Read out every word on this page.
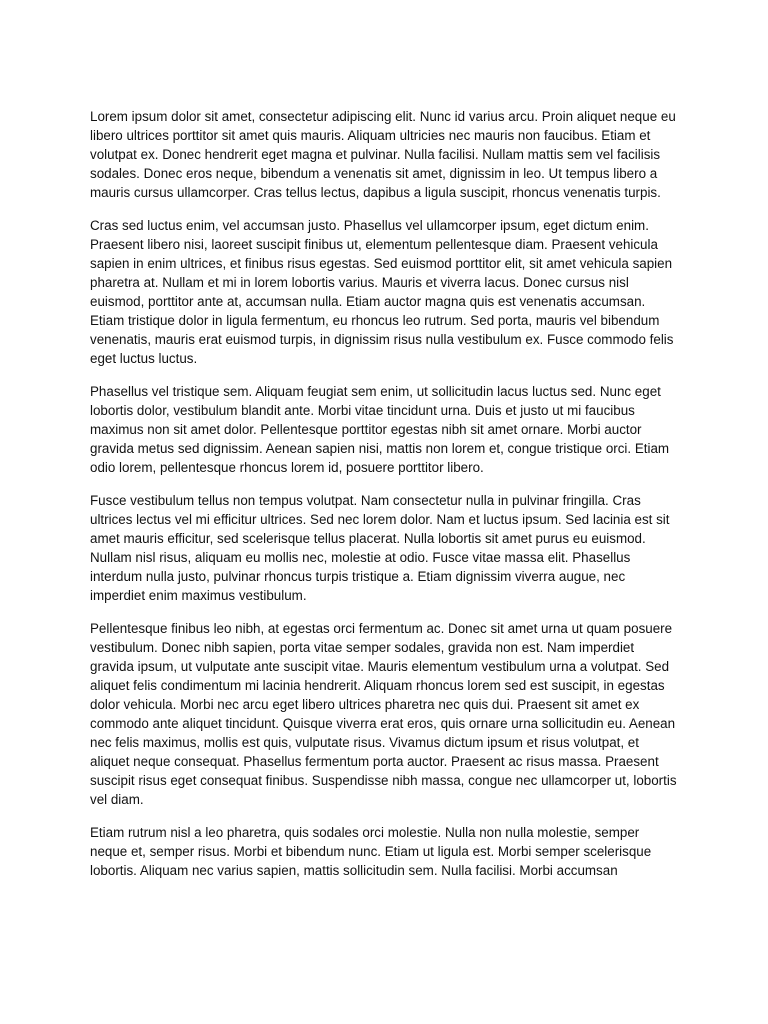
Lorem ipsum dolor sit amet, consectetur adipiscing elit. Nunc id varius arcu. Proin aliquet neque eu libero ultrices porttitor sit amet quis mauris. Aliquam ultricies nec mauris non faucibus. Etiam et volutpat ex. Donec hendrerit eget magna et pulvinar. Nulla facilisi. Nullam mattis sem vel facilisis sodales. Donec eros neque, bibendum a venenatis sit amet, dignissim in leo. Ut tempus libero a mauris cursus ullamcorper. Cras tellus lectus, dapibus a ligula suscipit, rhoncus venenatis turpis.

Cras sed luctus enim, vel accumsan justo. Phasellus vel ullamcorper ipsum, eget dictum enim. Praesent libero nisi, laoreet suscipit finibus ut, elementum pellentesque diam. Praesent vehicula sapien in enim ultrices, et finibus risus egestas. Sed euismod porttitor elit, sit amet vehicula sapien pharetra at. Nullam et mi in lorem lobortis varius. Mauris et viverra lacus. Donec cursus nisl euismod, porttitor ante at, accumsan nulla. Etiam auctor magna quis est venenatis accumsan. Etiam tristique dolor in ligula fermentum, eu rhoncus leo rutrum. Sed porta, mauris vel bibendum venenatis, mauris erat euismod turpis, in dignissim risus nulla vestibulum ex. Fusce commodo felis eget luctus luctus.

Phasellus vel tristique sem. Aliquam feugiat sem enim, ut sollicitudin lacus luctus sed. Nunc eget lobortis dolor, vestibulum blandit ante. Morbi vitae tincidunt urna. Duis et justo ut mi faucibus maximus non sit amet dolor. Pellentesque porttitor egestas nibh sit amet ornare. Morbi auctor gravida metus sed dignissim. Aenean sapien nisi, mattis non lorem et, congue tristique orci. Etiam odio lorem, pellentesque rhoncus lorem id, posuere porttitor libero.

Fusce vestibulum tellus non tempus volutpat. Nam consectetur nulla in pulvinar fringilla. Cras ultrices lectus vel mi efficitur ultrices. Sed nec lorem dolor. Nam et luctus ipsum. Sed lacinia est sit amet mauris efficitur, sed scelerisque tellus placerat. Nulla lobortis sit amet purus eu euismod. Nullam nisl risus, aliquam eu mollis nec, molestie at odio. Fusce vitae massa elit. Phasellus interdum nulla justo, pulvinar rhoncus turpis tristique a. Etiam dignissim viverra augue, nec imperdiet enim maximus vestibulum.

Pellentesque finibus leo nibh, at egestas orci fermentum ac. Donec sit amet urna ut quam posuere vestibulum. Donec nibh sapien, porta vitae semper sodales, gravida non est. Nam imperdiet gravida ipsum, ut vulputate ante suscipit vitae. Mauris elementum vestibulum urna a volutpat. Sed aliquet felis condimentum mi lacinia hendrerit. Aliquam rhoncus lorem sed est suscipit, in egestas dolor vehicula. Morbi nec arcu eget libero ultrices pharetra nec quis dui. Praesent sit amet ex commodo ante aliquet tincidunt. Quisque viverra erat eros, quis ornare urna sollicitudin eu. Aenean nec felis maximus, mollis est quis, vulputate risus. Vivamus dictum ipsum et risus volutpat, et aliquet neque consequat. Phasellus fermentum porta auctor. Praesent ac risus massa. Praesent suscipit risus eget consequat finibus. Suspendisse nibh massa, congue nec ullamcorper ut, lobortis vel diam.

Etiam rutrum nisl a leo pharetra, quis sodales orci molestie. Nulla non nulla molestie, semper neque et, semper risus. Morbi et bibendum nunc. Etiam ut ligula est. Morbi semper scelerisque lobortis. Aliquam nec varius sapien, mattis sollicitudin sem. Nulla facilisi. Morbi accumsan
